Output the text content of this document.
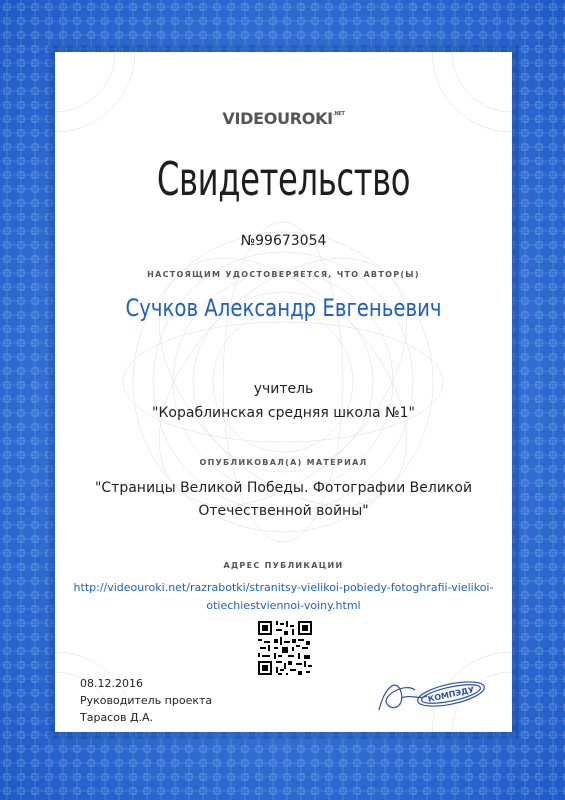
$VIDEOUROKI^{.NET}$
Свидетельство
№99673054
НАСТОЯЩИМ УДОСТОВЕРЯЕТСЯ, ЧТО АВТОР(Ы)
Сучков Александр Евгеньевич
учитель
"Кораблинская средняя школа №1"
ОПУБЛИКОВАЛ(А) МАТЕРИАЛ
"Страницы Великой Победы. Фотографии Великой
Отечественной войны"
АДРЕС ПУБЛИКАЦИИ
http://videouroki.net/razrabotki/stranitsy-vielikoi-pobiedy-fotoghrafii-vielikoi-
otiechiestviennoi-voiny.html
08.12.2016
Руководитель проекта
Тарасов Д.А.
КОМПЭДУ
